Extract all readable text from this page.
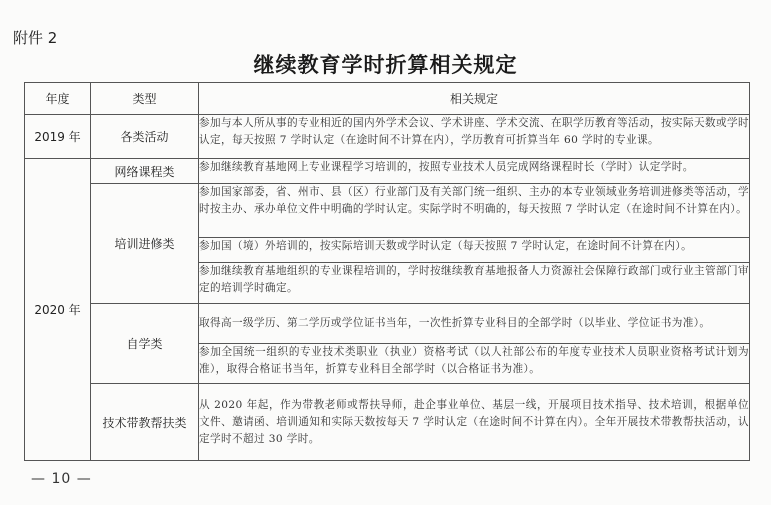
附件 2
继续教育学时折算相关规定
年度	类型	相关规定
2019 年	各类活动	参加与本人所从事的专业相近的国内外学术会议、学术讲座、学术交流、在职学历教育等活动，按实际天数或学时认定，每天按照 7 学时认定（在途时间不计算在内），学历教育可折算当年 60 学时的专业课。
2020 年	网络课程类	参加继续教育基地网上专业课程学习培训的，按照专业技术人员完成网络课程时长（学时）认定学时。
	培训进修类	参加国家部委，省、州市、县（区）行业部门及有关部门统一组织、主办的本专业领域业务培训进修类等活动，学时按主办、承办单位文件中明确的学时认定。实际学时不明确的，每天按照 7 学时认定（在途时间不计算在内）。
		参加国（境）外培训的，按实际培训天数或学时认定（每天按照 7 学时认定，在途时间不计算在内）。
		参加继续教育基地组织的专业课程培训的，学时按继续教育基地报备人力资源社会保障行政部门或行业主管部门审定的培训学时确定。
	自学类	取得高一级学历、第二学历或学位证书当年，一次性折算专业科目的全部学时（以毕业、学位证书为准）。
		参加全国统一组织的专业技术类职业（执业）资格考试（以人社部公布的年度专业技术人员职业资格考试计划为准），取得合格证书当年，折算专业科目全部学时（以合格证书为准）。
	技术带教帮扶类	从 2020 年起，作为带教老师或帮扶导师，赴企事业单位、基层一线，开展项目技术指导、技术培训，根据单位文件、邀请函、培训通知和实际天数按每天 7 学时认定（在途时间不计算在内）。全年开展技术带教帮扶活动，认定学时不超过 30 学时。
— 10 —
